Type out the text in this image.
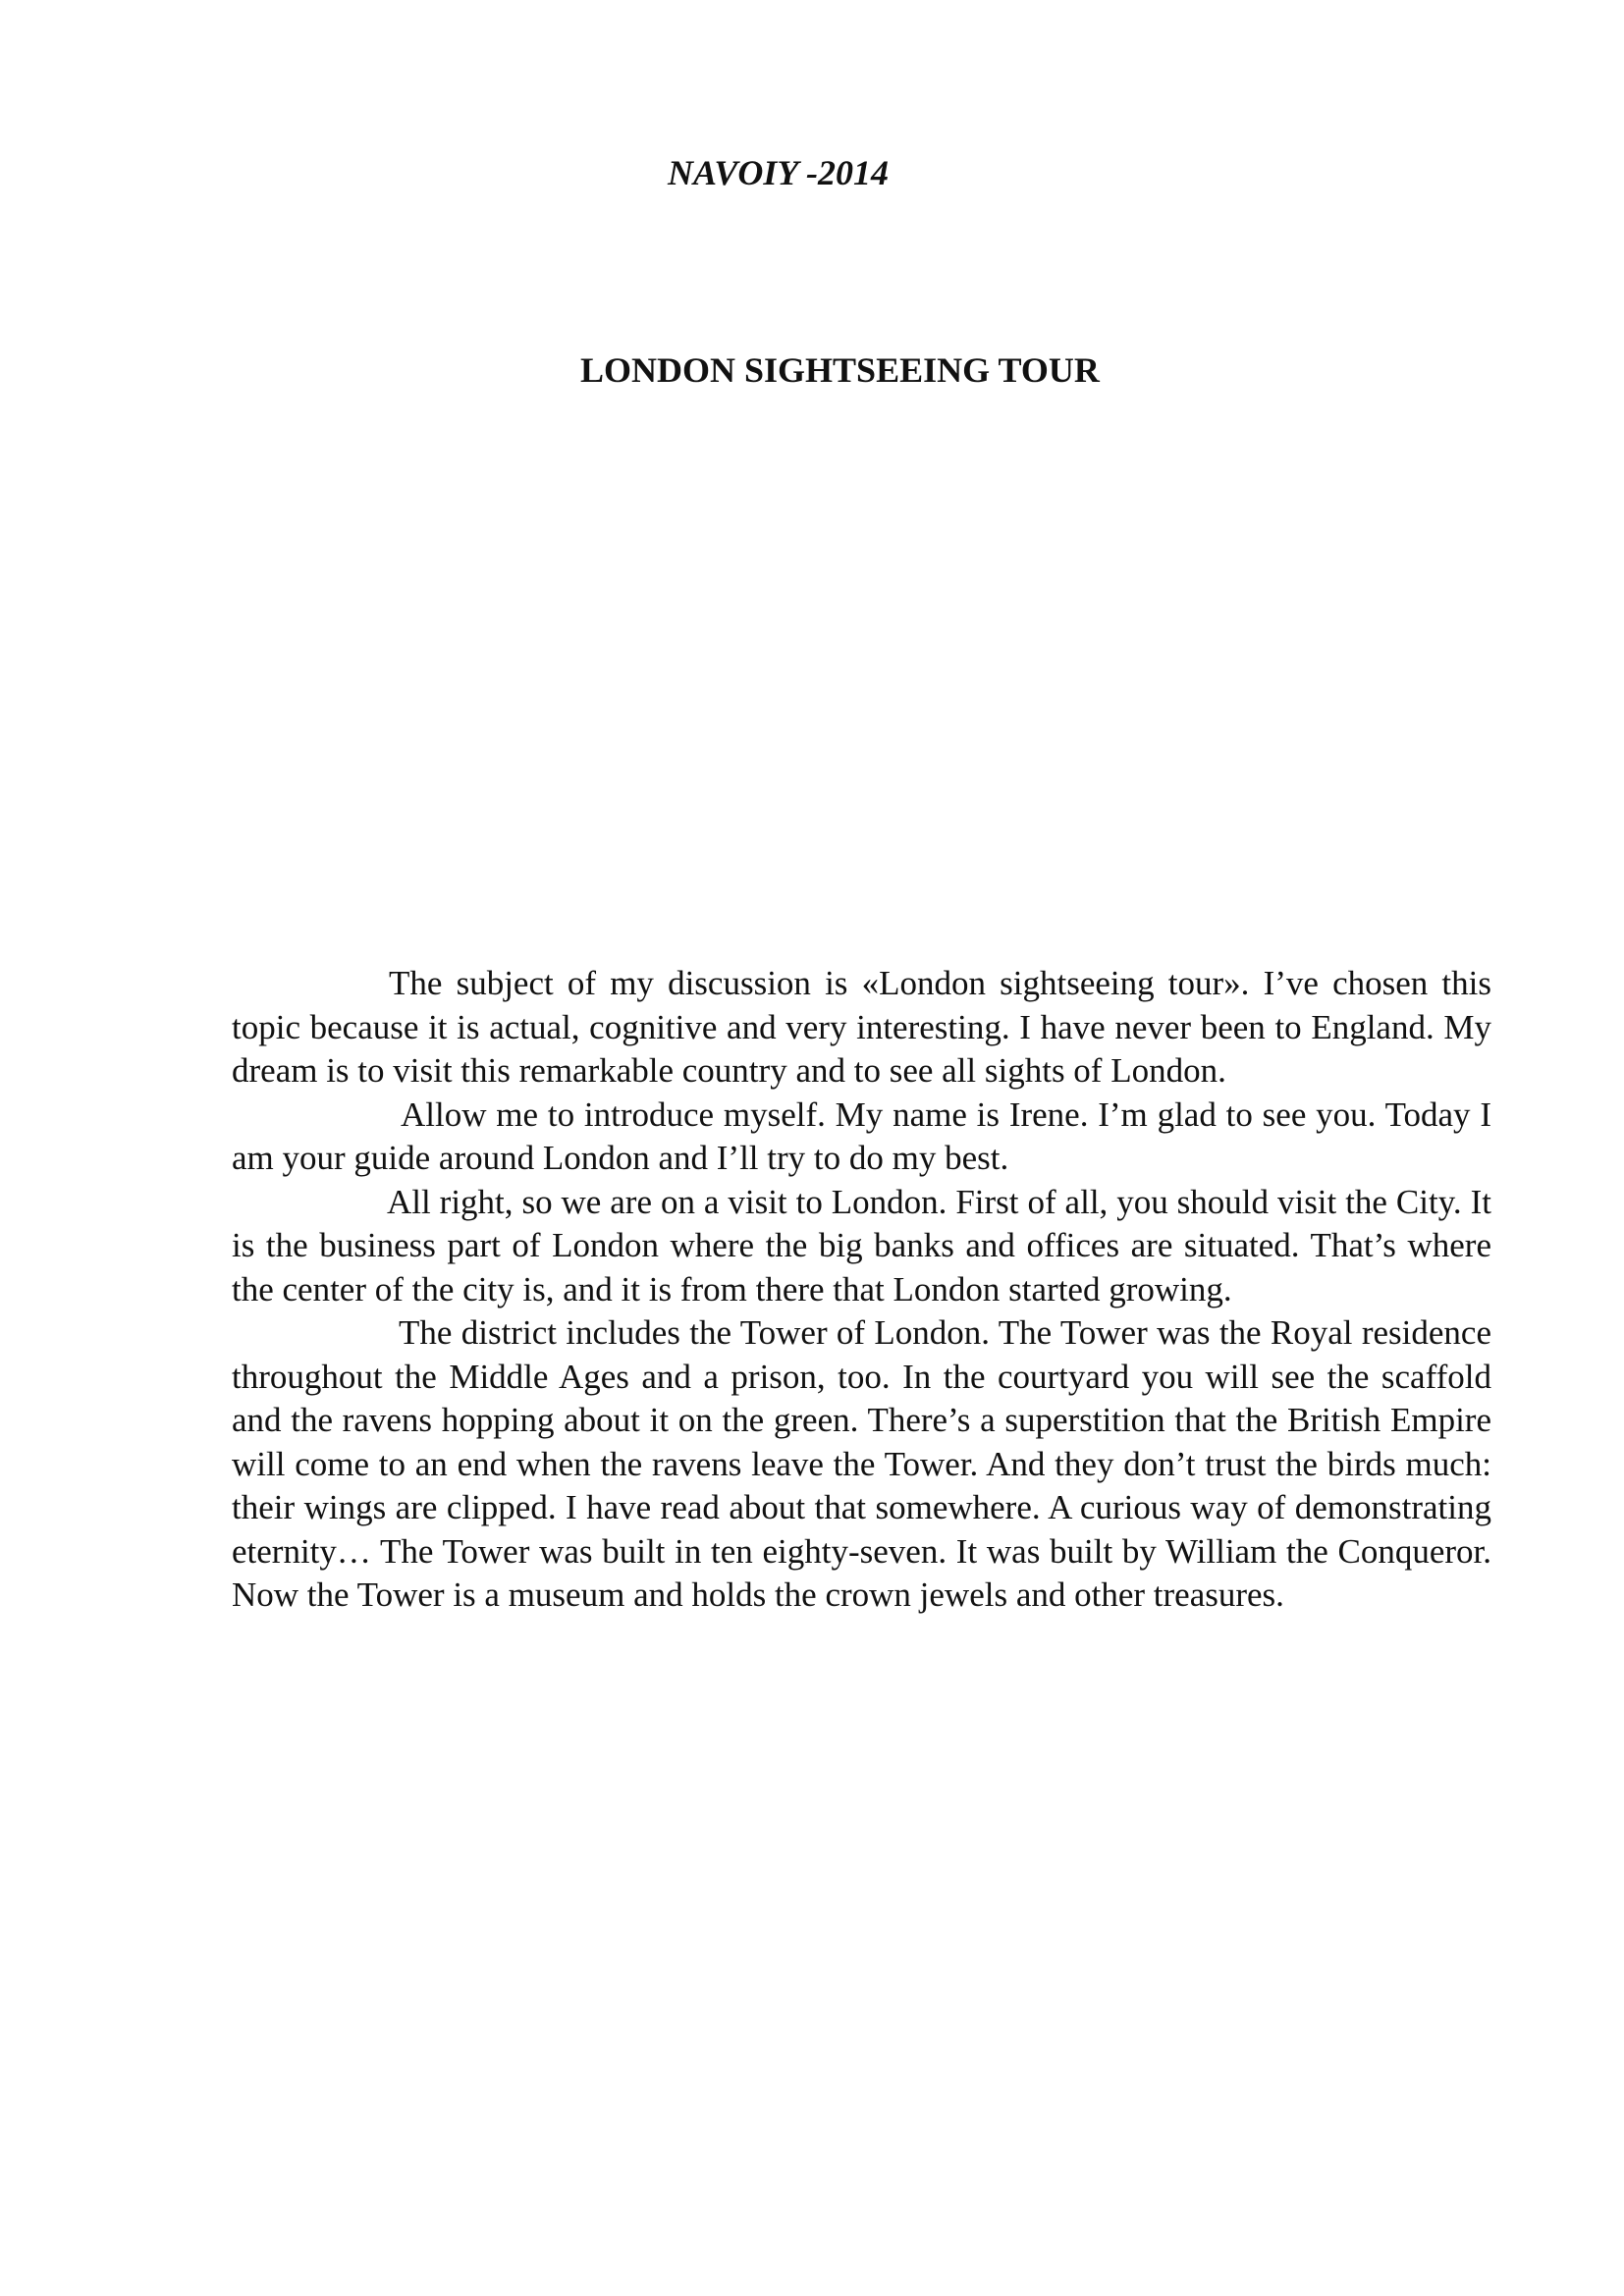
NAVOIY -2014
LONDON SIGHTSEEING TOUR

The subject of my discussion is «London sightseeing tour». I’ve chosen this topic because it is actual, cognitive and very interesting. I have never been to England. My dream is to visit this remarkable country and to see all sights of London.

Allow me to introduce myself. My name is Irene. I’m glad to see you. Today I am your guide around London and I’ll try to do my best.

All right, so we are on a visit to London. First of all, you should visit the City. It is the business part of London where the big banks and offices are situated. That’s where the center of the city is, and it is from there that London started growing.

The district includes the Tower of London. The Tower was the Royal residence throughout the Middle Ages and a prison, too. In the courtyard you will see the scaffold and the ravens hopping about it on the green. There’s a superstition that the British Empire will come to an end when the ravens leave the Tower. And they don’t trust the birds much: their wings are clipped. I have read about that somewhere. A curious way of demonstrating eternity… The Tower was built in ten eighty-seven. It was built by William the Conqueror. Now the Tower is a museum and holds the crown jewels and other treasures.
